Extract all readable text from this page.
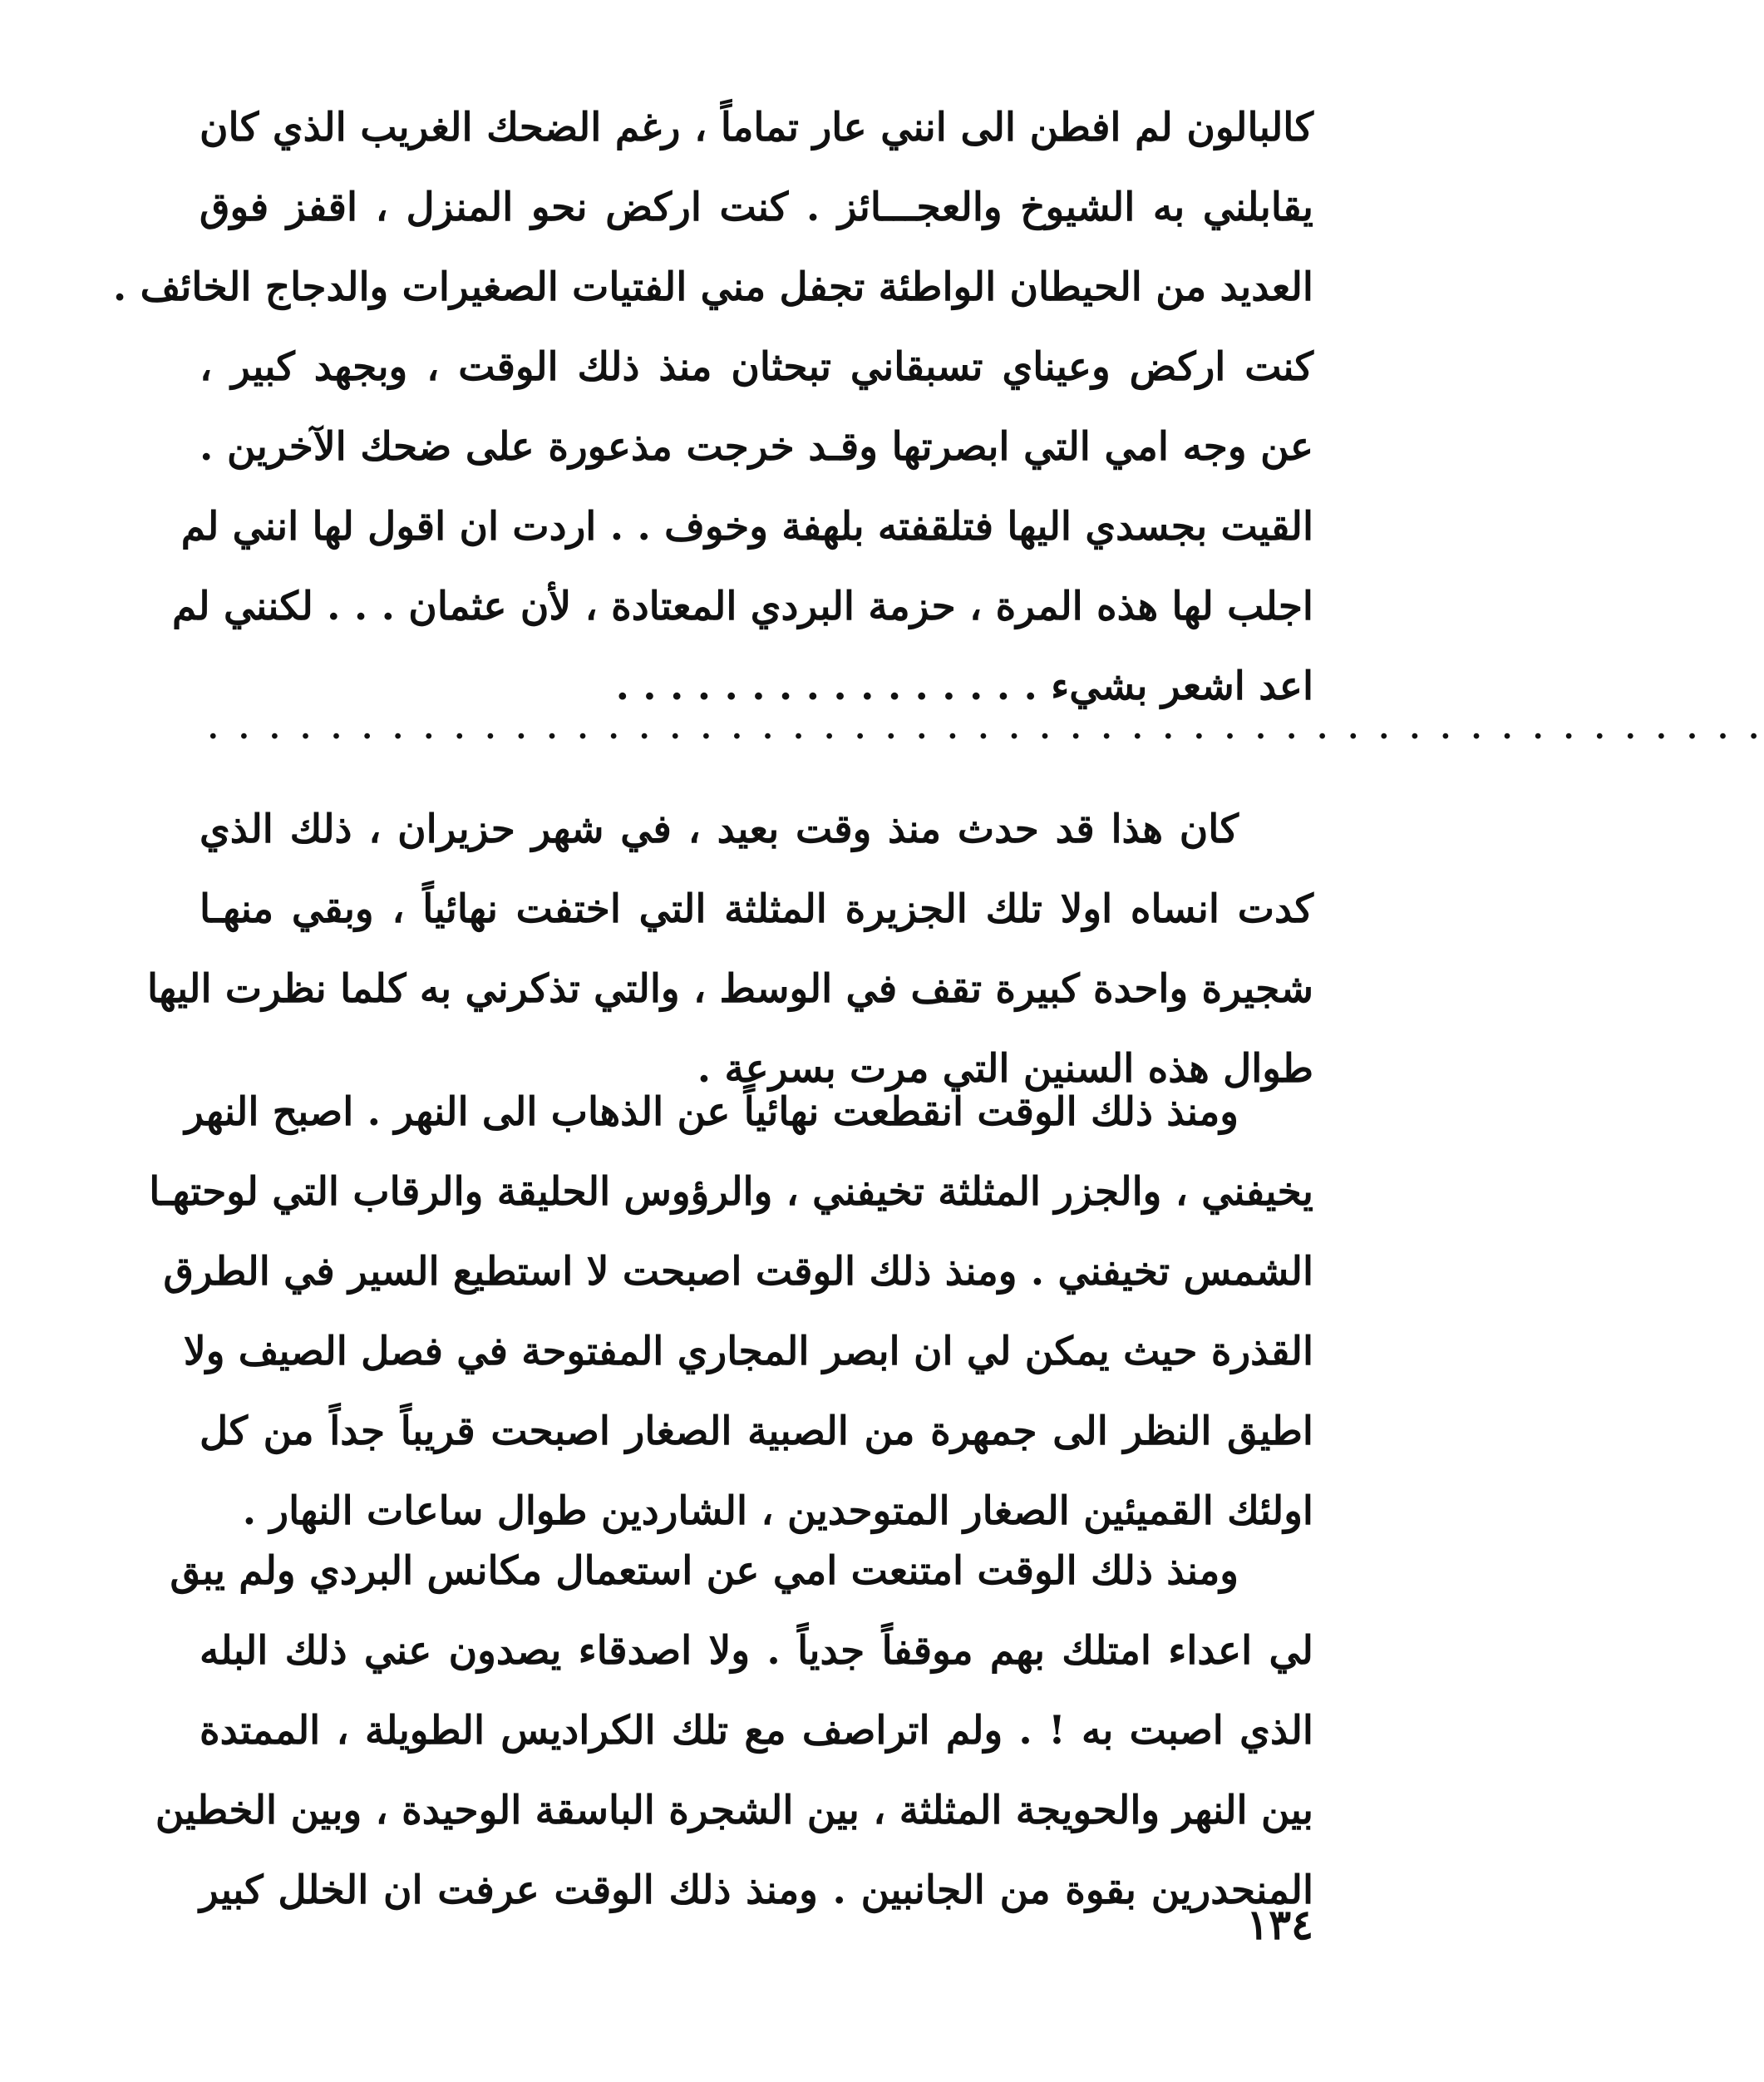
كالبالون لم افطن الى انني عار تماماً ، رغم الضحك الغريب الذي كان
يقابلني به الشيوخ والعجـــائز . كنت اركض نحو المنزل ، اقفز فوق
العديد من الحيطان الواطئة تجفل مني الفتيات الصغيرات والدجاج الخائف .
كنت اركض وعيناي تسبقاني تبحثان منذ ذلك الوقت ، وبجهد كبير ،
عن وجه امي التي ابصرتها وقـد خرجت مذعورة على ضحك الآخرين .
القيت بجسدي اليها فتلقفته بلهفة وخوف . . اردت ان اقول لها انني لم
اجلب لها هذه المرة ، حزمة البردي المعتادة ، لأن عثمان . . . لكنني لم
اعد اشعر بشيء . . . . . . . . . . . . . . . .
. . . . . . . . . . . . . . . . . . . . . . . . . . . . . . . . . . . . . . . . . . . . . . . . . . .
كان هذا قد حدث منذ وقت بعيد ، في شهر حزيران ، ذلك الذي
كدت انساه اولا تلك الجزيرة المثلثة التي اختفت نهائياً ، وبقي منهـا
شجيرة واحدة كبيرة تقف في الوسط ، والتي تذكرني به كلما نظرت اليها
طوال هذه السنين التي مرت بسرعة .
ومنذ ذلك الوقت انقطعت نهائياً عن الذهاب الى النهر . اصبح النهر
يخيفني ، والجزر المثلثة تخيفني ، والرؤوس الحليقة والرقاب التي لوحتهـا
الشمس تخيفني . ومنذ ذلك الوقت اصبحت لا استطيع السير في الطرق
القذرة حيث يمكن لي ان ابصر المجاري المفتوحة في فصل الصيف ولا
اطيق النظر الى جمهرة من الصبية الصغار اصبحت قريباً جداً من كل
اولئك القميئين الصغار المتوحدين ، الشاردين طوال ساعات النهار .
ومنذ ذلك الوقت امتنعت امي عن استعمال مكانس البردي ولم يبق
لي اعداء امتلك بهم موقفاً جدياً . ولا اصدقاء يصدون عني ذلك البله
الذي اصبت به ! . ولم اتراصف مع تلك الكراديس الطويلة ، الممتدة
بين النهر والحويجة المثلثة ، بين الشجرة الباسقة الوحيدة ، وبين الخطين
المنحدرين بقوة من الجانبين . ومنذ ذلك الوقت عرفت ان الخلل كبير
١٣٤
